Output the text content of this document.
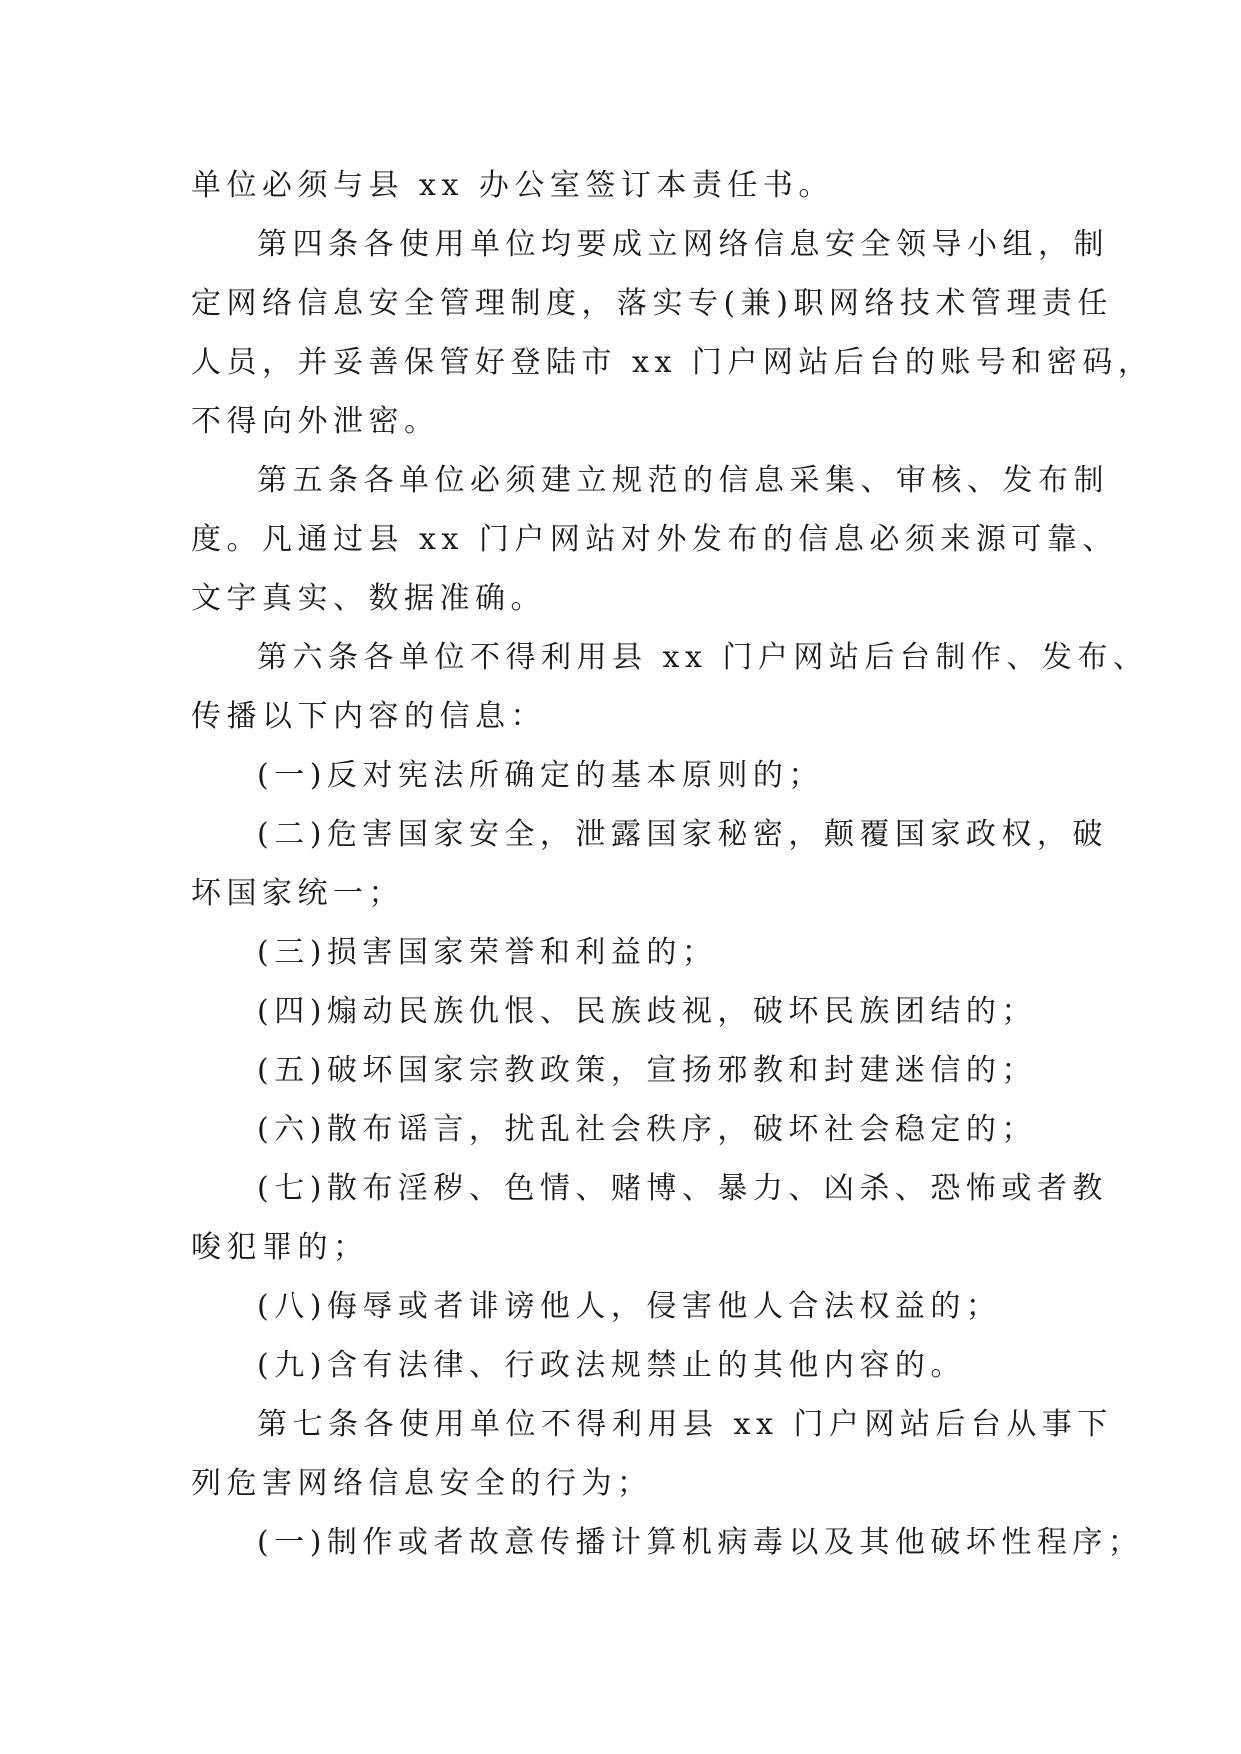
单位必须与县 xx 办公室签订本责任书。
第四条各使用单位均要成立网络信息安全领导小组，制
定网络信息安全管理制度，落实专(兼)职网络技术管理责任
人员，并妥善保管好登陆市 xx 门户网站后台的账号和密码，
不得向外泄密。
第五条各单位必须建立规范的信息采集、审核、发布制
度。凡通过县 xx 门户网站对外发布的信息必须来源可靠、
文字真实、数据准确。
第六条各单位不得利用县 xx 门户网站后台制作、发布、
传播以下内容的信息：
(一)反对宪法所确定的基本原则的；
(二)危害国家安全，泄露国家秘密，颠覆国家政权，破
坏国家统一；
(三)损害国家荣誉和利益的；
(四)煽动民族仇恨、民族歧视，破坏民族团结的；
(五)破坏国家宗教政策，宣扬邪教和封建迷信的；
(六)散布谣言，扰乱社会秩序，破坏社会稳定的；
(七)散布淫秽、色情、赌博、暴力、凶杀、恐怖或者教
唆犯罪的；
(八)侮辱或者诽谤他人，侵害他人合法权益的；
(九)含有法律、行政法规禁止的其他内容的。
第七条各使用单位不得利用县 xx 门户网站后台从事下
列危害网络信息安全的行为；
(一)制作或者故意传播计算机病毒以及其他破坏性程序；
